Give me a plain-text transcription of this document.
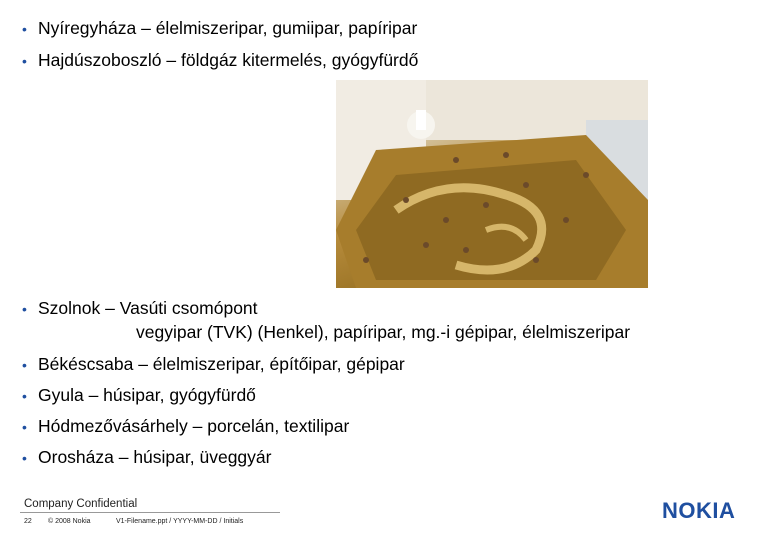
• Nyíregyháza – élelmiszeripar, gumiipar, papíripar
• Hajdúszoboszló – földgáz kitermelés, gyógyfürdő
• Szolnok – Vasúti csomópont
vegyipar (TVK) (Henkel), papíripar, mg.-i gépipar, élelmiszeripar
• Békéscsaba – élelmiszeripar, építőipar, gépipar
• Gyula – húsipar, gyógyfürdő
• Hódmezővásárhely – porcelán, textilipar
• Orosháza – húsipar, üveggyár
Company Confidential
22 © 2008 Nokia	V1-Filename.ppt / YYYY-MM-DD / Initials	NOKIA
